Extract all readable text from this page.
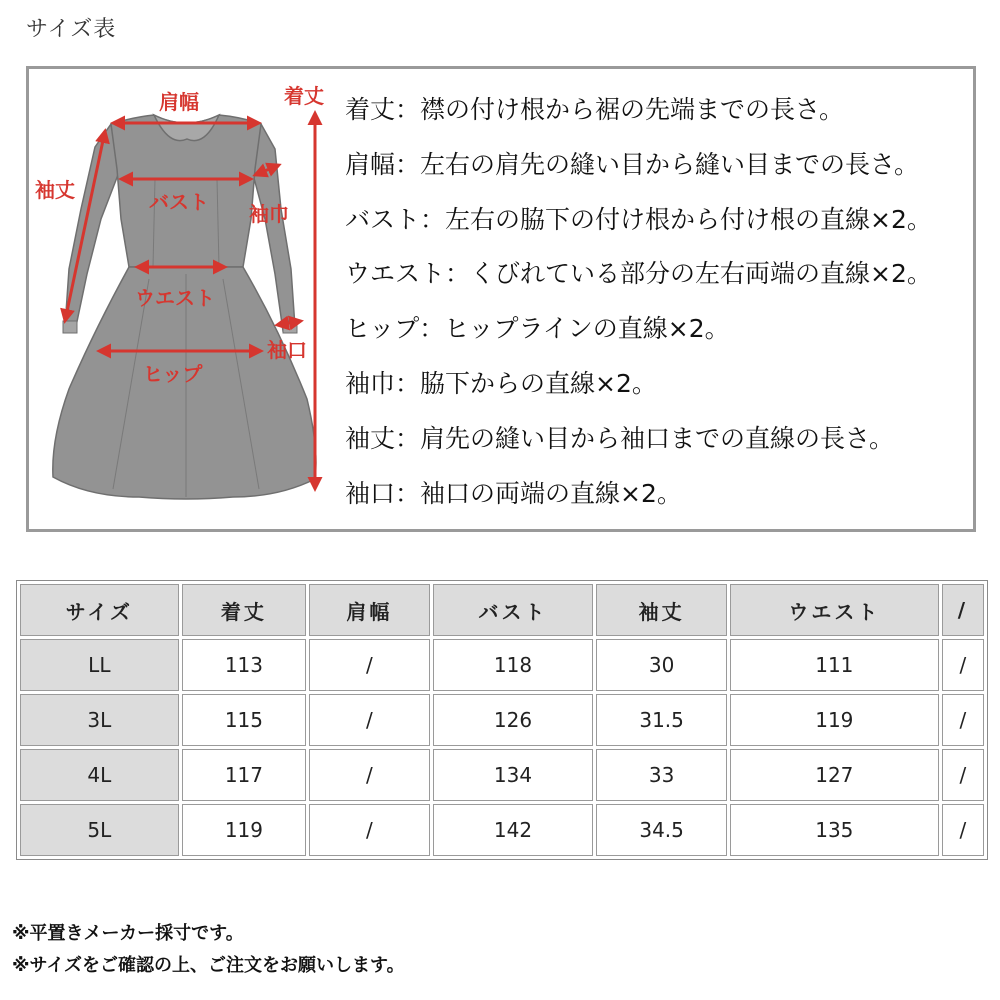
サイズ表
着丈
肩幅
袖丈	バスト 袖巾
ウエスト
袖口
ヒップ
着丈：襟の付け根から裾の先端までの長さ。
肩幅：左右の肩先の縫い目から縫い目までの長さ。
バスト：左右の脇下の付け根から付け根の直線×2。
ウエスト：くびれている部分の左右両端の直線×2。
ヒップ：ヒップラインの直線×2。
袖巾：脇下からの直線×2。
袖丈：肩先の縫い目から袖口までの直線の長さ。
袖口：袖口の両端の直線×2。
サイズ	着丈	肩幅	バスト	袖丈	ウエスト	/
LL	113	/	118	30	111	/
3L	115	/	126	31.5	119	/
4L	117	/	134	33	127	/
5L	119	/	142	34.5	135	/
※平置きメーカー採寸です。
※サイズをご確認の上、ご注文をお願いします。
